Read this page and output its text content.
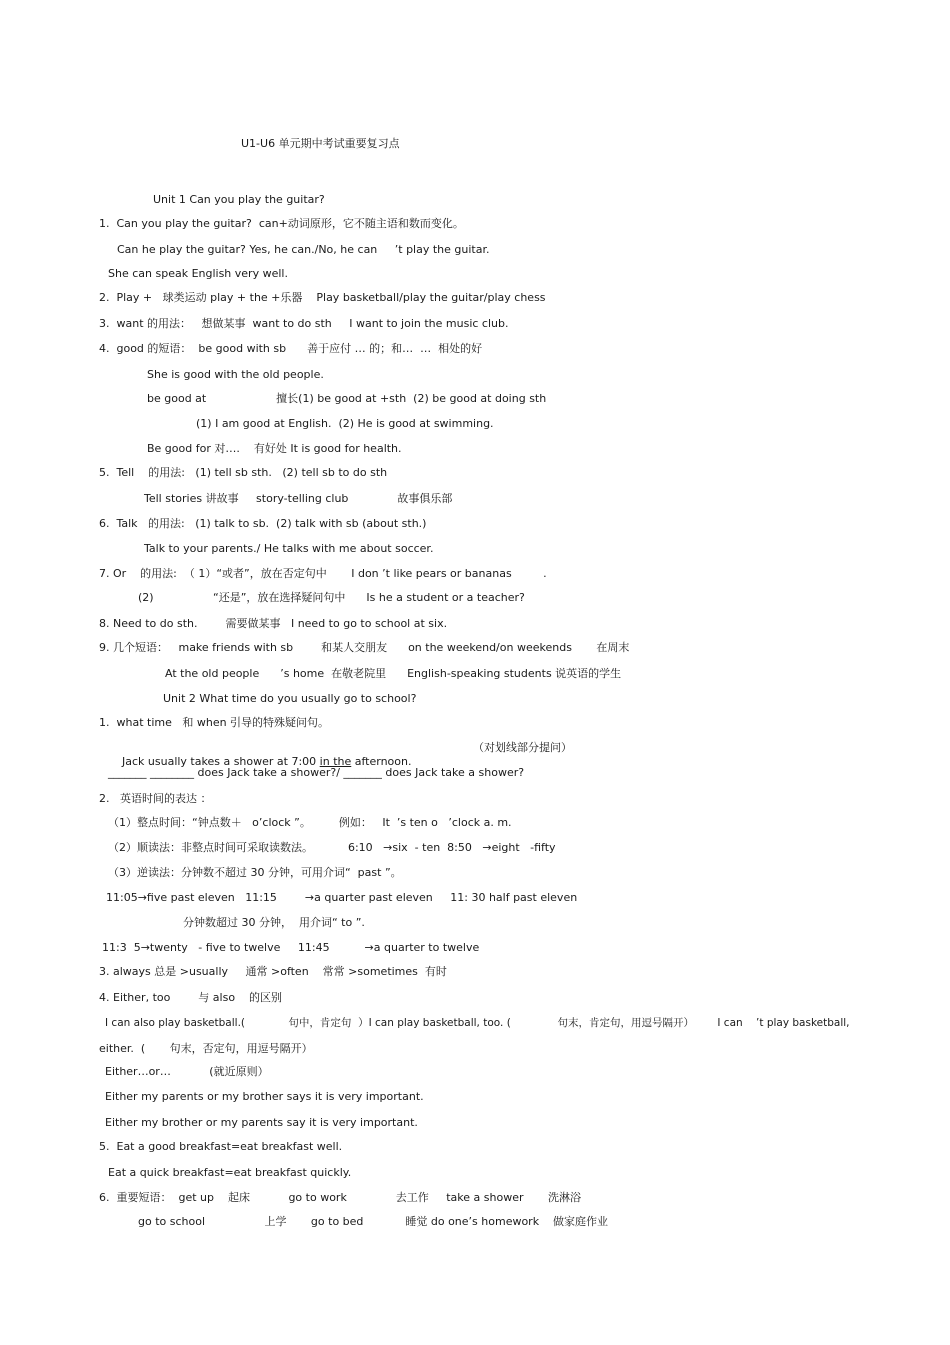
U1-U6 单元期中考试重要复习点
Unit 1 Can you play the guitar?
1.  Can you play the guitar?  can+动词原形，它不随主语和数而变化。
Can he play the guitar? Yes, he can./No, he can     ’t play the guitar.
She can speak English very well.
2.  Play +   球类运动 play + the +乐器    Play basketball/play the guitar/play chess
3.  want 的用法：   想做某事  want to do sth     I want to join the music club.
4.  good 的短语：  be good with sb      善于应付 … 的；和…  …  相处的好
She is good with the old people.
be good at                    擅长(1) be good at +sth  (2) be good at doing sth
(1) I am good at English.  (2) He is good at swimming.
Be good for 对….    有好处 It is good for health.
5.  Tell    的用法:   (1) tell sb sth.   (2) tell sb to do sth
Tell stories 讲故事     story-telling club              故事俱乐部
6.  Talk   的用法:   (1) talk to sb.  (2) talk with sb (about sth.)
Talk to your parents./ He talks with me about soccer.
7. Or    的用法:  （ 1）“或者”，放在否定句中       I don ’t like pears or bananas         .
(2)                 “还是”，放在选择疑问句中      Is he a student or a teacher?
8. Need to do sth.        需要做某事   I need to go to school at six.
9. 几个短语：   make friends with sb        和某人交朋友      on the weekend/on weekends       在周末
At the old people      ’s home  在敬老院里      English-speaking students 说英语的学生
Unit 2 What time do you usually go to school?
1.  what time   和 when 引导的特殊疑问句。

Jack usually takes a shower at 7:00 in the afternoon.

（对划线部分提问）
_______ ________ does Jack take a shower?/ _______ does Jack take a shower?
2.   英语时间的表达 ：
（1）整点时间：“钟点数＋   o’clock ”。        例如：   It  ’s ten o   ’clock a. m.
（2）顺读法：非整点时间可采取读数法。          6:10   →six  - ten  8:50   →eight   -fifty
（3）逆读法：分钟数不超过 30 分钟，可用介词“  past ”。
11:05→five past eleven   11:15        →a quarter past eleven     11: 30 half past eleven
分钟数超过 30 分钟，  用介词“ to ”.
11:3  5→twenty   - five to twelve     11:45          →a quarter to twelve
3. always 总是 >usually     通常 >often    常常 >sometimes  有时
4. Either, too        与 also    的区别
I can also play basketball.(             句中，肯定句  ）I can play basketball, too. (              句末，肯定句，用逗号隔开）       I can    ’t play basketball,
either.  (       句末，否定句，用逗号隔开）
Either…or…           (就近原则）
Either my parents or my brother says it is very important.
Either my brother or my parents say it is very important.
5.  Eat a good breakfast=eat breakfast well.
Eat a quick breakfast=eat breakfast quickly.
6.  重要短语：  get up    起床           go to work              去工作     take a shower       洗淋浴
go to school                 上学       go to bed            睡觉 do one’s homework    做家庭作业
